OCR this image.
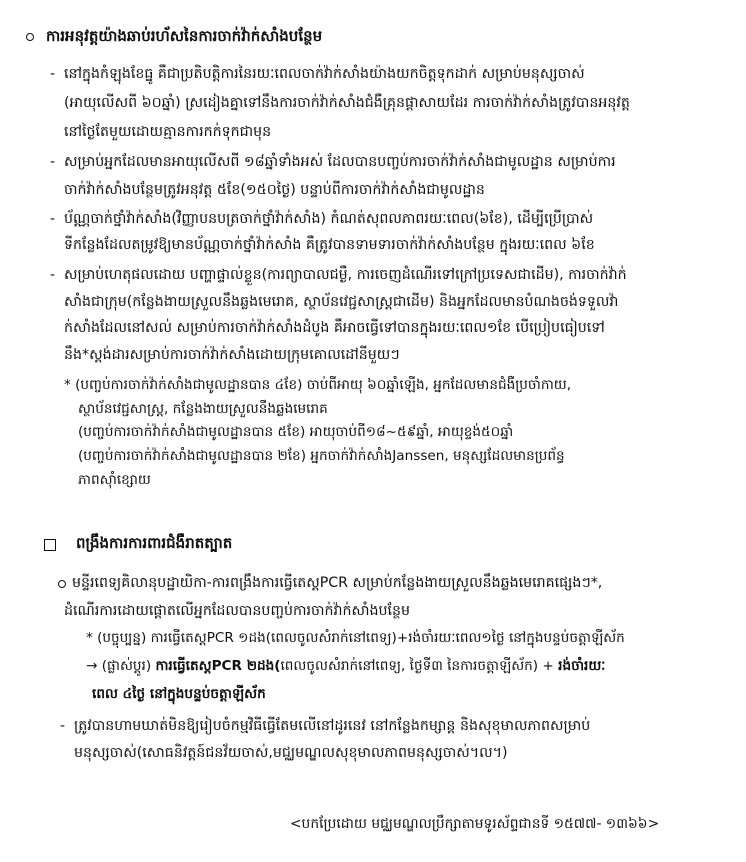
ការអនុវត្តយ៉ាងឆាប់រហ័សនៃការចាក់វ៉ាក់សាំងបន្ថែម
- នៅក្នុងកំឡុងខែធ្នូ គឺជាប្រតិបត្តិការនៃរយៈពេលចាក់វ៉ាក់សាំងយ៉ាងយកចិត្តទុកដាក់ សម្រាប់មនុស្សចាស់
(អាយុលើសពី ៦០ឆ្នាំ) ស្រដៀងគ្នាទៅនឹងការចាក់វ៉ាក់សាំងជំងឺគ្រុនផ្តាសាយដែរ ការចាក់វ៉ាក់សាំងត្រូវបានអនុវត្ត
នៅថ្ងៃតែមួយដោយគ្មានការកក់ទុកជាមុន
- សម្រាប់អ្នកដែលមានអាយុលើសពី ១៨ឆ្នាំទាំងអស់ ដែលបានបញ្ចប់ការចាក់វ៉ាក់សាំងជាមូលដ្ឋាន សម្រាប់ការ
ចាក់វ៉ាក់សាំងបន្ថែមត្រូវអនុវត្ត ៥ខែ(១៥០ថ្ងៃ) បន្ទាប់ពីការចាក់វ៉ាក់សាំងជាមូលដ្ឋាន
- ប័ណ្ណចាក់ថ្នាំវ៉ាក់សាំង(វិញ្ញាបនបត្រចាក់ថ្នាំវ៉ាក់សាំង) កំណត់សុពលភាពរយៈពេល(៦ខែ), ដើម្បីប្រើប្រាស់
ទីកន្លែងដែលតម្រូវឱ្យមានប័ណ្ណចាក់ថ្នាំវ៉ាក់សាំង គឺត្រូវបានទាមទារចាក់វ៉ាក់សាំងបន្ថែម ក្នុងរយៈពេល ៦ខែ
- សម្រាប់ហេតុផលដោយ បញ្ហាផ្ទាល់ខ្លួន(ការព្យាបាលជម្ងឺ, ការចេញដំណើរទៅក្រៅប្រទេសជាដើម), ការចាក់វ៉ាក់
សាំងជាក្រុម(កន្លែងងាយស្រួលនឹងឆ្លងមេរោគ, ស្ថាប័នវេជ្ជសាស្ត្រជាដើម) និងអ្នកដែលមានបំណងចង់ទទួលវ៉ា
ក់សាំងដែលនៅសល់ សម្រាប់ការចាក់វ៉ាក់សាំងដំបូង គឺអាចធ្វើទៅបានក្នុងរយៈពេល១ខែ បើប្រៀបធៀបទៅ
នឹង*ស្តង់ដារសម្រាប់ការចាក់វ៉ាក់សាំងដោយក្រុមគោលដៅនីមួយៗ
* (បញ្ចប់ការចាក់វ៉ាក់សាំងជាមូលដ្ឋានបាន ៤ខែ) ចាប់ពីអាយុ ៦០ឆ្នាំឡើង, អ្នកដែលមានជំងឺប្រចាំកាយ,
ស្ថាប័នវេជ្ជសាស្ត្រ, កន្លែងងាយស្រួលនឹងឆ្លងមេរោគ
(បញ្ចប់ការចាក់វ៉ាក់សាំងជាមូលដ្ឋានបាន ៥ខែ) អាយុចាប់ពី១៨~៥៩ឆ្នាំ, អាយុខ្ទង់៥០ឆ្នាំ
(បញ្ចប់ការចាក់វ៉ាក់សាំងជាមូលដ្ឋានបាន ២ខែ) អ្នកចាក់វ៉ាក់សាំងJanssen, មនុស្សដែលមានប្រព័ន្ធ
ភាពស៊ាំខ្សោយ
ពង្រឹងការការពារជំងឺរាតត្បាត
មន្ទីរពេទ្យគិលានុបដ្ឋាយិកា-ការពង្រឹងការធ្វើតេស្តPCR សម្រាប់កន្លែងងាយស្រួលនឹងឆ្លងមេរោគផ្សេងៗ*,
ដំណើរការដោយផ្តោតលើអ្នកដែលបានបញ្ចប់ការចាក់វ៉ាក់សាំងបន្ថែម
* (បច្ចុប្បន្ន) ការធ្វើតេស្តPCR ១ដង(ពេលចូលសំរាក់នៅពេទ្យ)+រង់ចាំរយៈពេល១ថ្ងៃ នៅក្នុងបន្ទប់ចត្តាឡីស័ក
→ (ផ្លាស់ប្តូរ) ការធ្វើតេស្តPCR ២ដង(ពេលចូលសំរាក់នៅពេទ្យ, ថ្ងៃទី៣ នៃការចត្តាឡីស័ក) + រង់ចាំរយៈ
ពេល ៤ថ្ងៃ នៅក្នុងបន្ទប់ចត្តាឡីស័ក
- ត្រូវបានហាមឃាត់មិនឱ្យរៀបចំកម្មវិធីធ្វើតែមលើនៅដូរនេវ នៅកន្លែងកម្សាន្ត និងសុខុមាលភាពសម្រាប់
មនុស្សចាស់(សោធនិវត្តន៍ជនវ័យចាស់,មជ្ឈមណ្ឌលសុខុមាលភាពមនុស្សចាស់។ល។)
<បកប្រែដោយ មជ្ឈមណ្ឌលប្រឹក្សាតាមទូរស័ព្ទជានទី ១៥៧៧- ១៣៦៦>
